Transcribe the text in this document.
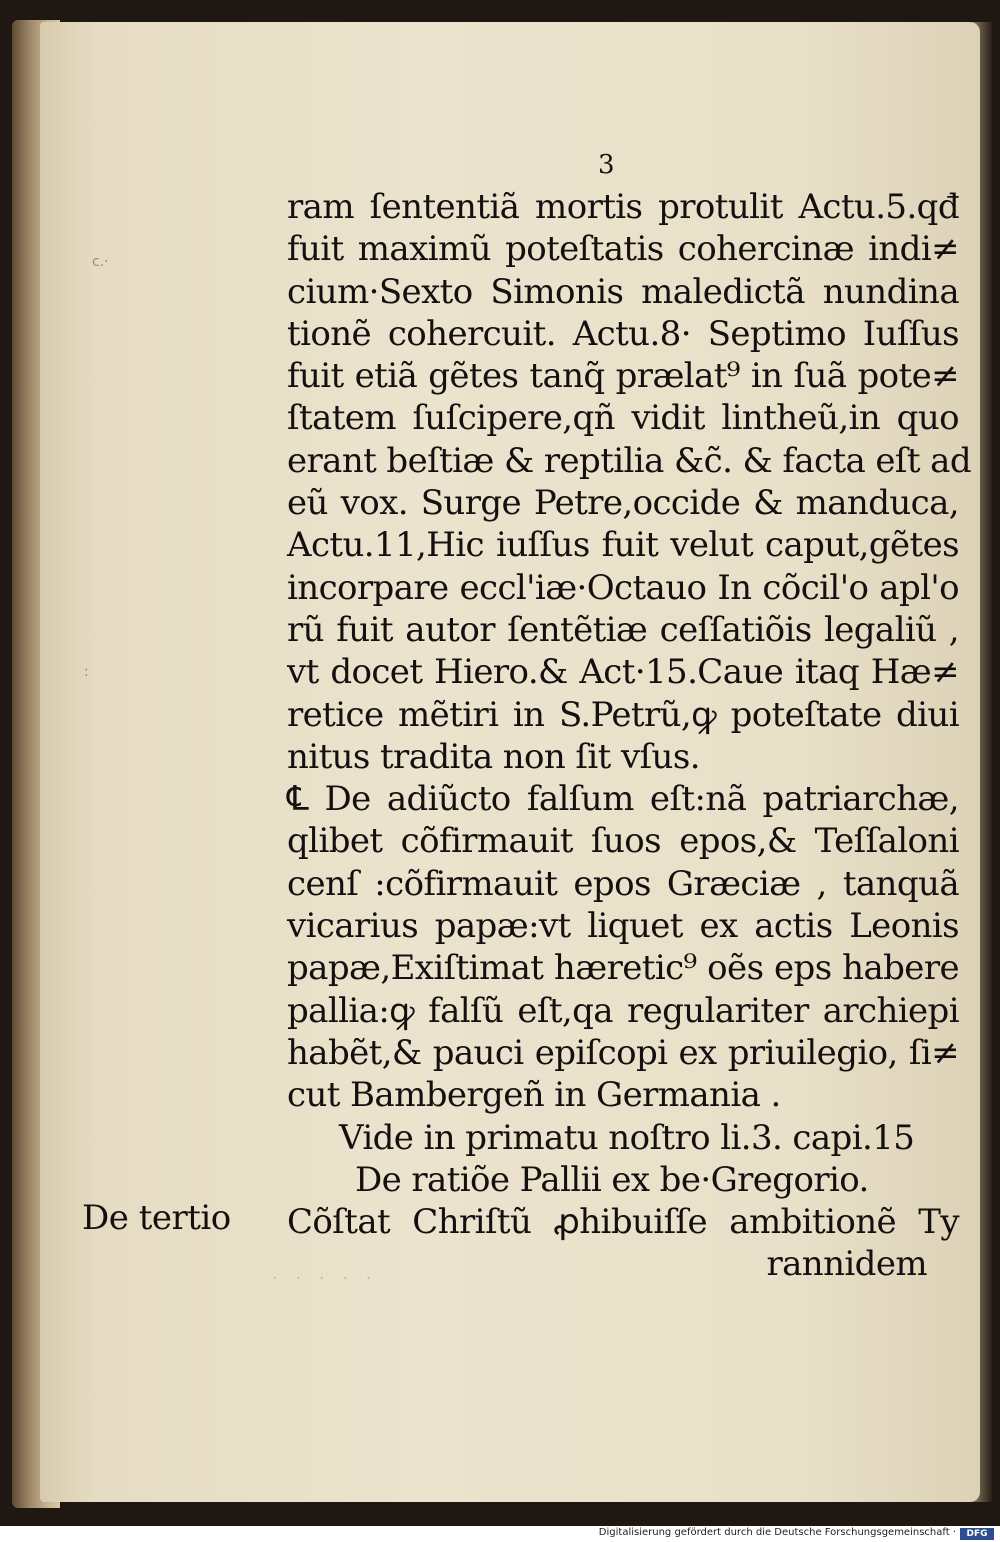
3
c.·
:
· · · · ·
ram ſententiã mortis protulit Actu.5.qđ
fuit maximũ poteſtatis cohercinæ indi≠
cium·Sexto Simonis maledictã nundina
tionẽ cohercuit. Actu.8· Septimo Iuſſus
fuit etiã gẽtes tanq̃ prælat⁹ in ſuã pote≠
ſtatem ſuſcipere,qñ vidit lintheũ,in quo
erant beſtiæ & reptilia &c̃. & facta eſt ad
eũ vox. Surge Petre,occide & manduca,
Actu.11,Hic iuſſus fuit velut caput,gẽtes
incorpare eccl'iæ·Octauo In cõcil'o apl'o
rũ fuit autor ſentẽtiæ ceſſatiõis legaliũ ,
vt docet Hiero.& Act·15.Caue itaq Hæ≠
retice mẽtiri in S.Petrũ,ꝙ poteſtate diui
nitus tradita non ſit vſus.
℄ De adiũcto falſum eſt:nã patriarchæ,
qlibet cõfirmauit ſuos epos,& Teſſaloni
cenſ :cõfirmauit epos Græciæ , tanquã
vicarius papæ:vt liquet ex actis Leonis
papæ,Exiſtimat hæretic⁹ oẽs eps habere
pallia:ꝙ falſũ eſt,qa regulariter archiepi
habẽt,& pauci epiſcopi ex priuilegio, ſi≠
cut Bambergeñ in Germania .
Vide in primatu noſtro li.3. capi.15
De ratiõe Pallii ex be·Gregorio.
Cõſtat Chriſtũ ꝓhibuiſſe ambitionẽ Ty
rannidem
De tertio
Digitalisierung gefördert durch die Deutsche Forschungsgemeinschaft ·	DFG
